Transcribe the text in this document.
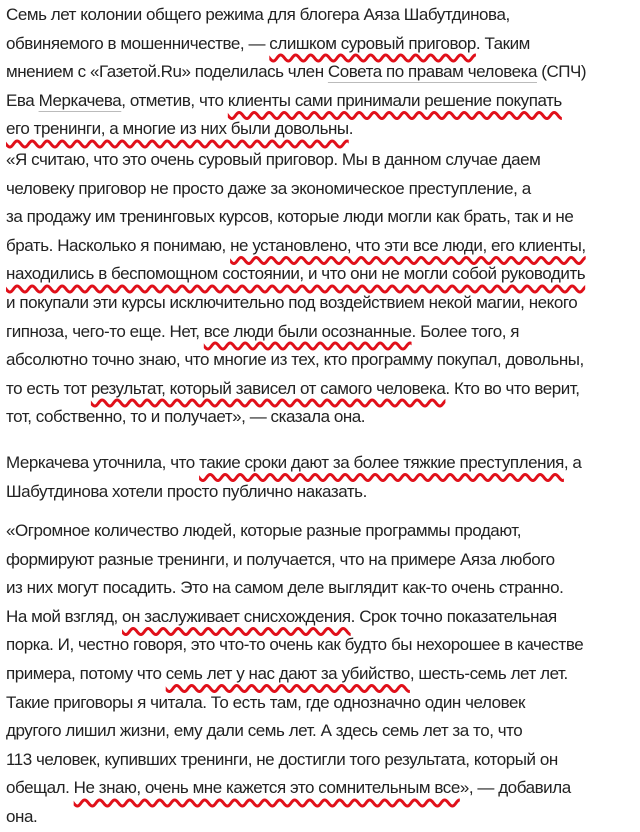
Семь лет колонии общего режима для блогера Аяза Шабутдинова,
обвиняемого в мошенничестве, — слишком суровый приговор. Таким
мнением с «Газетой.Ru» поделилась член Совета по правам человека (СПЧ)
Ева Меркачева, отметив, что клиенты сами принимали решение покупать
его тренинги, а многие из них были довольны.
«Я считаю, что это очень суровый приговор. Мы в данном случае даем
человеку приговор не просто даже за экономическое преступление, а
за продажу им тренинговых курсов, которые люди могли как брать, так и не
брать. Насколько я понимаю, не установлено, что эти все люди, его клиенты,
находились в беспомощном состоянии, и что они не могли собой руководить
и покупали эти курсы исключительно под воздействием некой магии, некого
гипноза, чего-то еще. Нет, все люди были осознанные. Более того, я
абсолютно точно знаю, что многие из тех, кто программу покупал, довольны,
то есть тот результат, который зависел от самого человека. Кто во что верит,
тот, собственно, то и получает», — сказала она.
Меркачева уточнила, что такие сроки дают за более тяжкие преступления, а
Шабутдинова хотели просто публично наказать.
«Огромное количество людей, которые разные программы продают,
формируют разные тренинги, и получается, что на примере Аяза любого
из них могут посадить. Это на самом деле выглядит как-то очень странно.
На мой взгляд, он заслуживает снисхождения. Срок точно показательная
порка. И, честно говоря, это что-то очень как будто бы нехорошее в качестве
примера, потому что семь лет у нас дают за убийство, шесть-семь лет лет.
Такие приговоры я читала. То есть там, где однозначно один человек
другого лишил жизни, ему дали семь лет. А здесь семь лет за то, что
113 человек, купивших тренинги, не достигли того результата, который он
обещал. Не знаю, очень мне кажется это сомнительным все», — добавила
она.
